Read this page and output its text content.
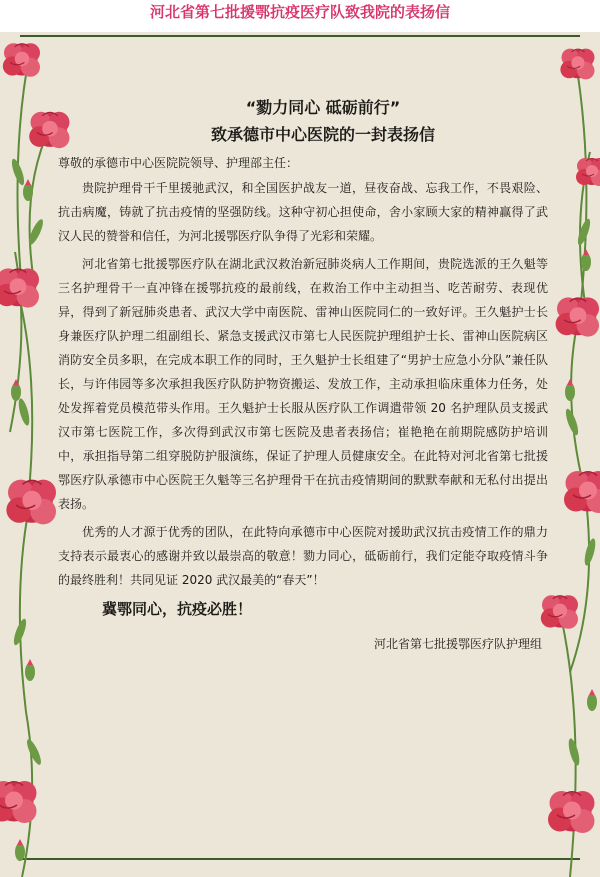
河北省第七批援鄂抗疫医疗队致我院的表扬信
“勠力同心 砥砺前行”
致承德市中心医院的一封表扬信
尊敬的承德市中心医院院领导、护理部主任：

贵院护理骨干千里援驰武汉，和全国医护战友一道，昼夜奋战、忘我工作，不畏艰险、抗击病魔，铸就了抗击疫情的坚强防线。这种守初心担使命，舍小家顾大家的精神赢得了武汉人民的赞誉和信任，为河北援鄂医疗队争得了光彩和荣耀。

河北省第七批援鄂医疗队在湖北武汉救治新冠肺炎病人工作期间，贵院选派的王久魁等三名护理骨干一直冲锋在援鄂抗疫的最前线，在救治工作中主动担当、吃苦耐劳、表现优异，得到了新冠肺炎患者、武汉大学中南医院、雷神山医院同仁的一致好评。王久魁护士长身兼医疗队护理二组副组长、紧急支援武汉市第七人民医院护理组护士长、雷神山医院病区消防安全员多职，在完成本职工作的同时，王久魁护士长组建了“男护士应急小分队”兼任队长，与许伟园等多次承担我医疗队防护物资搬运、发放工作，主动承担临床重体力任务，处处发挥着党员模范带头作用。王久魁护士长服从医疗队工作调遣带领 20 名护理队员支援武汉市第七医院工作，多次得到武汉市第七医院及患者表扬信；崔艳艳在前期院感防护培训中，承担指导第二组穿脱防护服演练，保证了护理人员健康安全。在此特对河北省第七批援鄂医疗队承德市中心医院王久魁等三名护理骨干在抗击疫情期间的默默奉献和无私付出提出表扬。

优秀的人才源于优秀的团队，在此特向承德市中心医院对援助武汉抗击疫情工作的鼎力支持表示最衷心的感谢并致以最崇高的敬意！勠力同心，砥砺前行，我们定能夺取疫情斗争的最终胜利！共同见证 2020 武汉最美的“春天”！

冀鄂同心，抗疫必胜！
河北省第七批援鄂医疗队护理组
